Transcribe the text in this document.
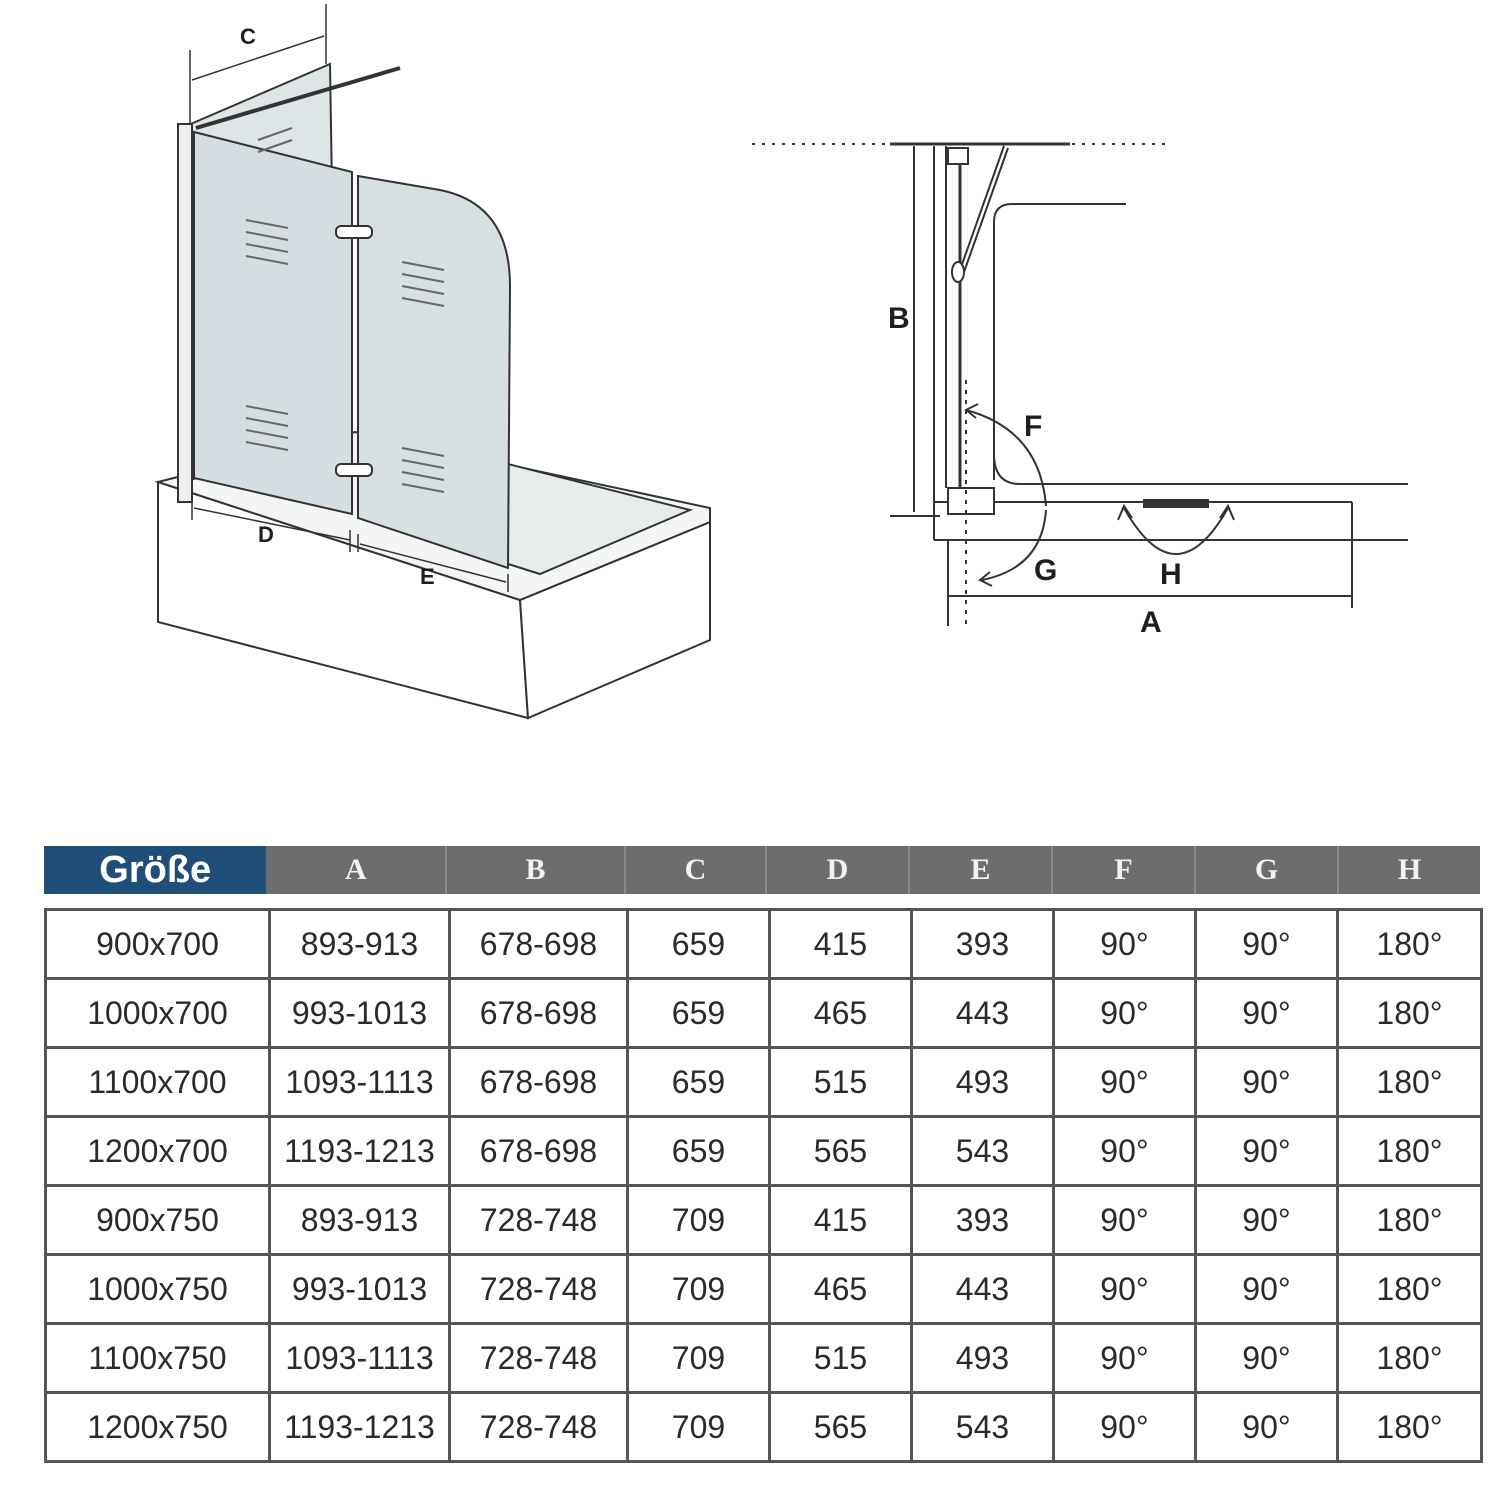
C
D
E
B
F
G	H
A
Größe	A	B	C	D	E	F	G	H
900x700	893-913	678-698	659	415	393	90°	90°	180°
1000x700	993-1013	678-698	659	465	443	90°	90°	180°
1100x700	1093-1113	678-698	659	515	493	90°	90°	180°
1200x700	1193-1213	678-698	659	565	543	90°	90°	180°
900x750	893-913	728-748	709	415	393	90°	90°	180°
1000x750	993-1013	728-748	709	465	443	90°	90°	180°
1100x750	1093-1113	728-748	709	515	493	90°	90°	180°
1200x750	1193-1213	728-748	709	565	543	90°	90°	180°
